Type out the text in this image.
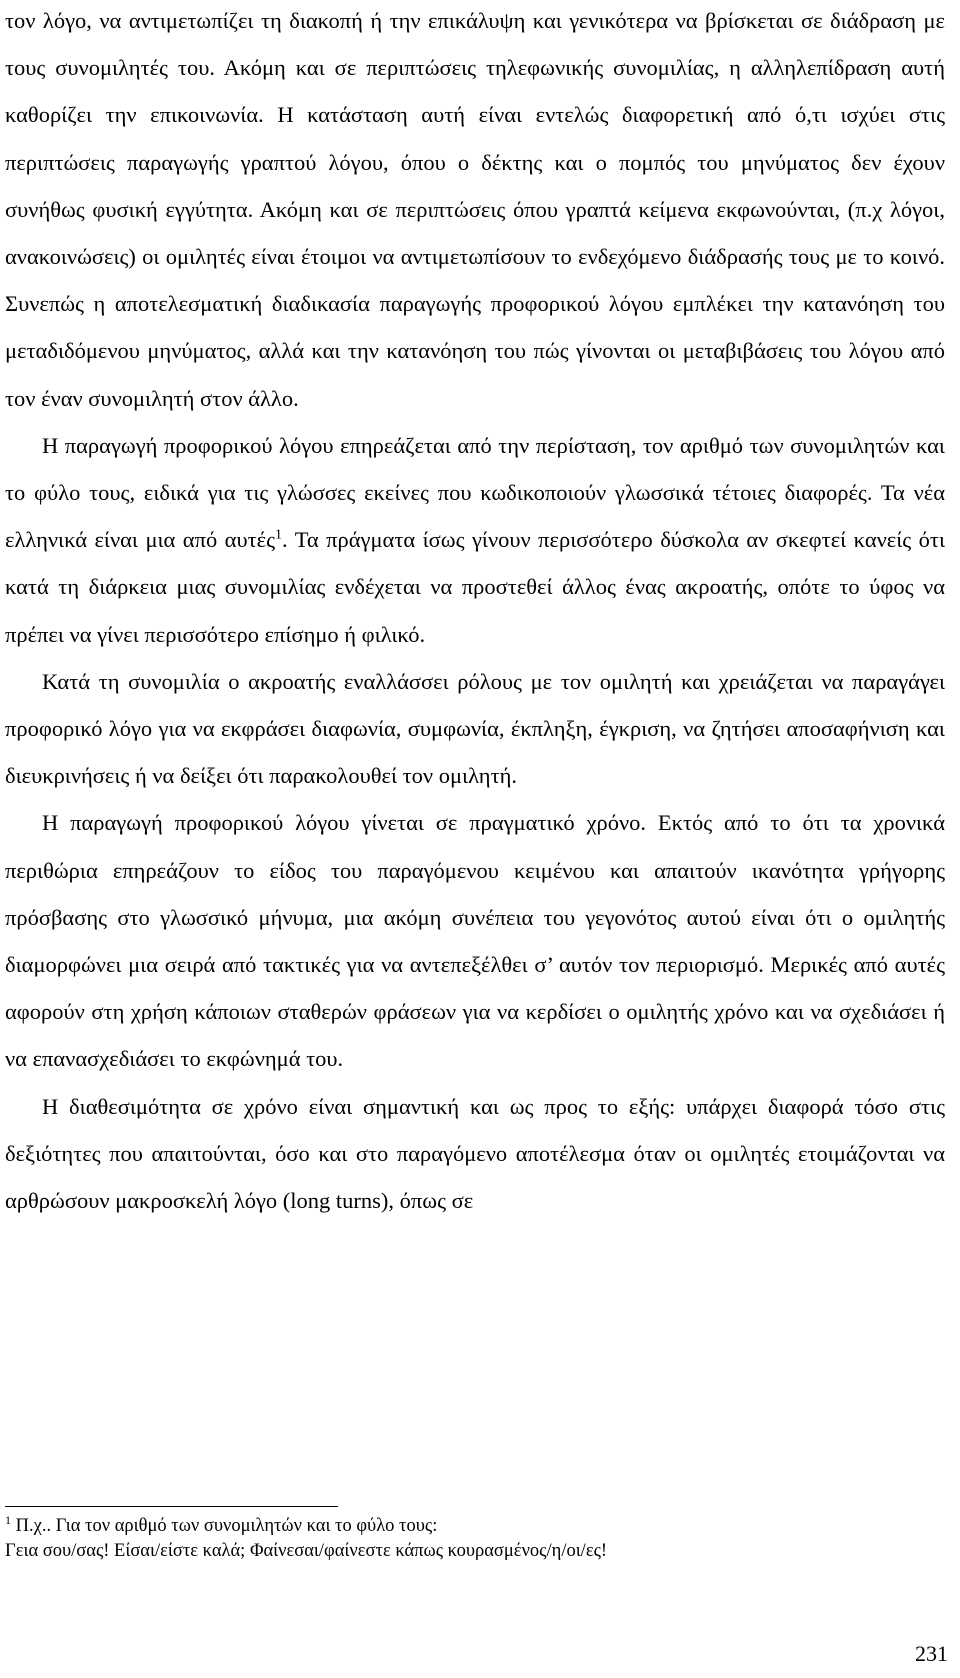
τον λόγο, να αντιμετωπίζει τη διακοπή ή την επικάλυψη και γενικότερα να βρίσκεται σε διάδραση με τους συνομιλητές του. Ακόμη και σε περιπτώσεις τηλεφωνικής συνομιλίας, η αλληλεπίδραση αυτή καθορίζει την επικοινωνία. Η κατάσταση αυτή είναι εντελώς διαφορετική από ό,τι ισχύει στις περιπτώσεις παραγωγής γραπτού λόγου, όπου ο δέκτης και ο πομπός του μηνύματος δεν έχουν συνήθως φυσική εγγύτητα. Ακόμη και σε περιπτώσεις όπου γραπτά κείμενα εκφωνούνται, (π.χ λόγοι, ανακοινώσεις) οι ομιλητές είναι έτοιμοι να αντιμετωπίσουν το ενδεχόμενο διάδρασής τους με το κοινό. Συνεπώς η αποτελεσματική διαδικασία παραγωγής προφορικού λόγου εμπλέκει την κατανόηση του μεταδιδόμενου μηνύματος, αλλά και την κατανόηση του πώς γίνονται οι μεταβιβάσεις του λόγου από τον έναν συνομιλητή στον άλλο.

Η παραγωγή προφορικού λόγου επηρεάζεται από την περίσταση, τον αριθμό των συνομιλητών και το φύλο τους, ειδικά για τις γλώσσες εκείνες που κωδικοποιούν γλωσσικά τέτοιες διαφορές. Τα νέα ελληνικά είναι μια από αυτές$^1$. Τα πράγματα ίσως γίνουν περισσότερο δύσκολα αν σκεφτεί κανείς ότι κατά τη διάρκεια μιας συνομιλίας ενδέχεται να προστεθεί άλλος ένας ακροατής, οπότε το ύφος να πρέπει να γίνει περισσότερο επίσημο ή φιλικό.

Κατά τη συνομιλία ο ακροατής εναλλάσσει ρόλους με τον ομιλητή και χρειάζεται να παραγάγει προφορικό λόγο για να εκφράσει διαφωνία, συμφωνία, έκπληξη, έγκριση, να ζητήσει αποσαφήνιση και διευκρινήσεις ή να δείξει ότι παρακολουθεί τον ομιλητή.

Η παραγωγή προφορικού λόγου γίνεται σε πραγματικό χρόνο. Εκτός από το ότι τα χρονικά περιθώρια επηρεάζουν το είδος του παραγόμενου κειμένου και απαιτούν ικανότητα γρήγορης πρόσβασης στο γλωσσικό μήνυμα, μια ακόμη συνέπεια του γεγονότος αυτού είναι ότι ο ομιλητής διαμορφώνει μια σειρά από τακτικές για να αντεπεξέλθει σ’ αυτόν τον περιορισμό. Μερικές από αυτές αφορούν στη χρήση κάποιων σταθερών φράσεων για να κερδίσει ο ομιλητής χρόνο και να σχεδιάσει ή να επανασχεδιάσει το εκφώνημά του.

Η διαθεσιμότητα σε χρόνο είναι σημαντική και ως προς το εξής: υπάρχει διαφορά τόσο στις δεξιότητες που απαιτούνται, όσο και στο παραγόμενο αποτέλεσμα όταν οι ομιλητές ετοιμάζονται να αρθρώσουν μακροσκελή λόγο (long turns), όπως σε

$^1$ Π.χ.. Για τον αριθμό των συνομιλητών και το φύλο τους:

Γεια σου/σας! Είσαι/είστε καλά; Φαίνεσαι/φαίνεστε κάπως κουρασμένος/η/οι/ες!

231
